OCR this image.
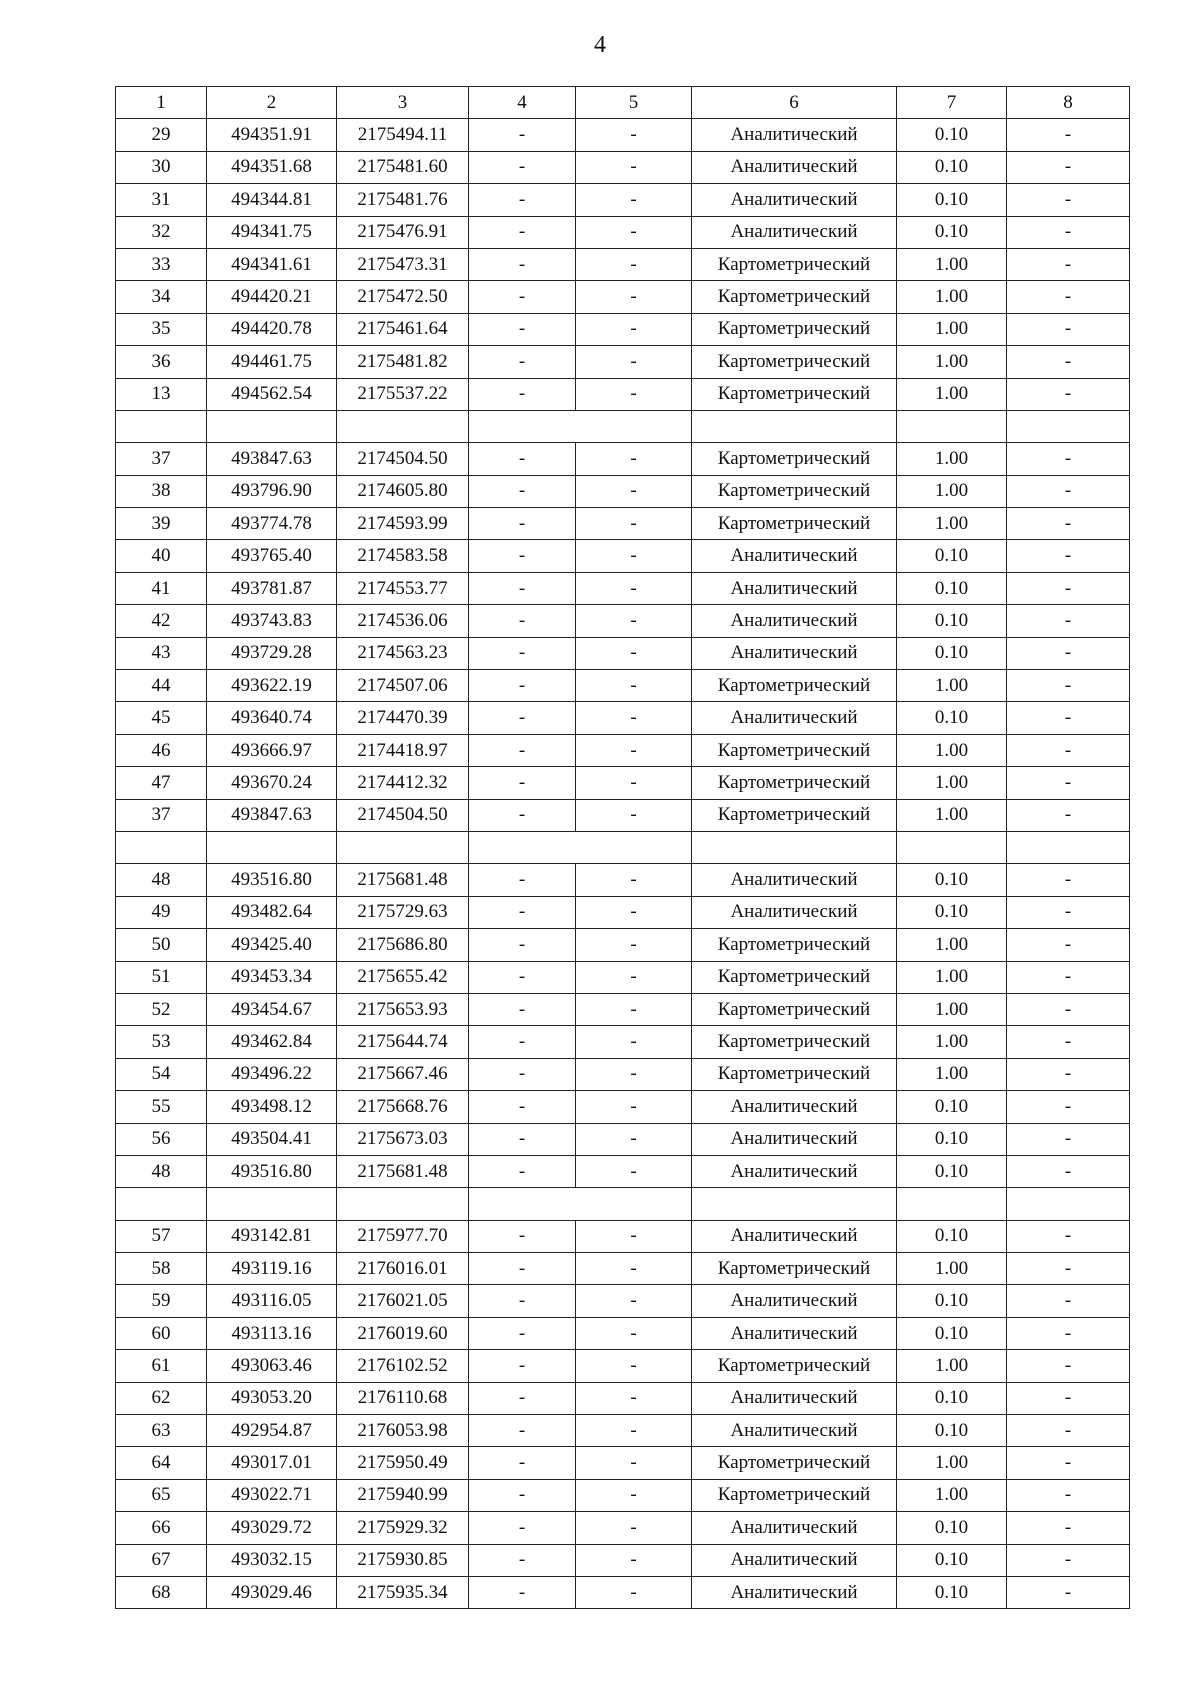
4
1	2	3	4	5	6	7	8
29	494351.91	2175494.11	-	-	Аналитический	0.10	-
30	494351.68	2175481.60	-	-	Аналитический	0.10	-
31	494344.81	2175481.76	-	-	Аналитический	0.10	-
32	494341.75	2175476.91	-	-	Аналитический	0.10	-
33	494341.61	2175473.31	-	-	Картометрический	1.00	-
34	494420.21	2175472.50	-	-	Картометрический	1.00	-
35	494420.78	2175461.64	-	-	Картометрический	1.00	-
36	494461.75	2175481.82	-	-	Картометрический	1.00	-
13	494562.54	2175537.22	-	-	Картометрический	1.00	-

37	493847.63	2174504.50	-	-	Картометрический	1.00	-
38	493796.90	2174605.80	-	-	Картометрический	1.00	-
39	493774.78	2174593.99	-	-	Картометрический	1.00	-
40	493765.40	2174583.58	-	-	Аналитический	0.10	-
41	493781.87	2174553.77	-	-	Аналитический	0.10	-
42	493743.83	2174536.06	-	-	Аналитический	0.10	-
43	493729.28	2174563.23	-	-	Аналитический	0.10	-
44	493622.19	2174507.06	-	-	Картометрический	1.00	-
45	493640.74	2174470.39	-	-	Аналитический	0.10	-
46	493666.97	2174418.97	-	-	Картометрический	1.00	-
47	493670.24	2174412.32	-	-	Картометрический	1.00	-
37	493847.63	2174504.50	-	-	Картометрический	1.00	-

48	493516.80	2175681.48	-	-	Аналитический	0.10	-
49	493482.64	2175729.63	-	-	Аналитический	0.10	-
50	493425.40	2175686.80	-	-	Картометрический	1.00	-
51	493453.34	2175655.42	-	-	Картометрический	1.00	-
52	493454.67	2175653.93	-	-	Картометрический	1.00	-
53	493462.84	2175644.74	-	-	Картометрический	1.00	-
54	493496.22	2175667.46	-	-	Картометрический	1.00	-
55	493498.12	2175668.76	-	-	Аналитический	0.10	-
56	493504.41	2175673.03	-	-	Аналитический	0.10	-
48	493516.80	2175681.48	-	-	Аналитический	0.10	-

57	493142.81	2175977.70	-	-	Аналитический	0.10	-
58	493119.16	2176016.01	-	-	Картометрический	1.00	-
59	493116.05	2176021.05	-	-	Аналитический	0.10	-
60	493113.16	2176019.60	-	-	Аналитический	0.10	-
61	493063.46	2176102.52	-	-	Картометрический	1.00	-
62	493053.20	2176110.68	-	-	Аналитический	0.10	-
63	492954.87	2176053.98	-	-	Аналитический	0.10	-
64	493017.01	2175950.49	-	-	Картометрический	1.00	-
65	493022.71	2175940.99	-	-	Картометрический	1.00	-
66	493029.72	2175929.32	-	-	Аналитический	0.10	-
67	493032.15	2175930.85	-	-	Аналитический	0.10	-
68	493029.46	2175935.34	-	-	Аналитический	0.10	-
